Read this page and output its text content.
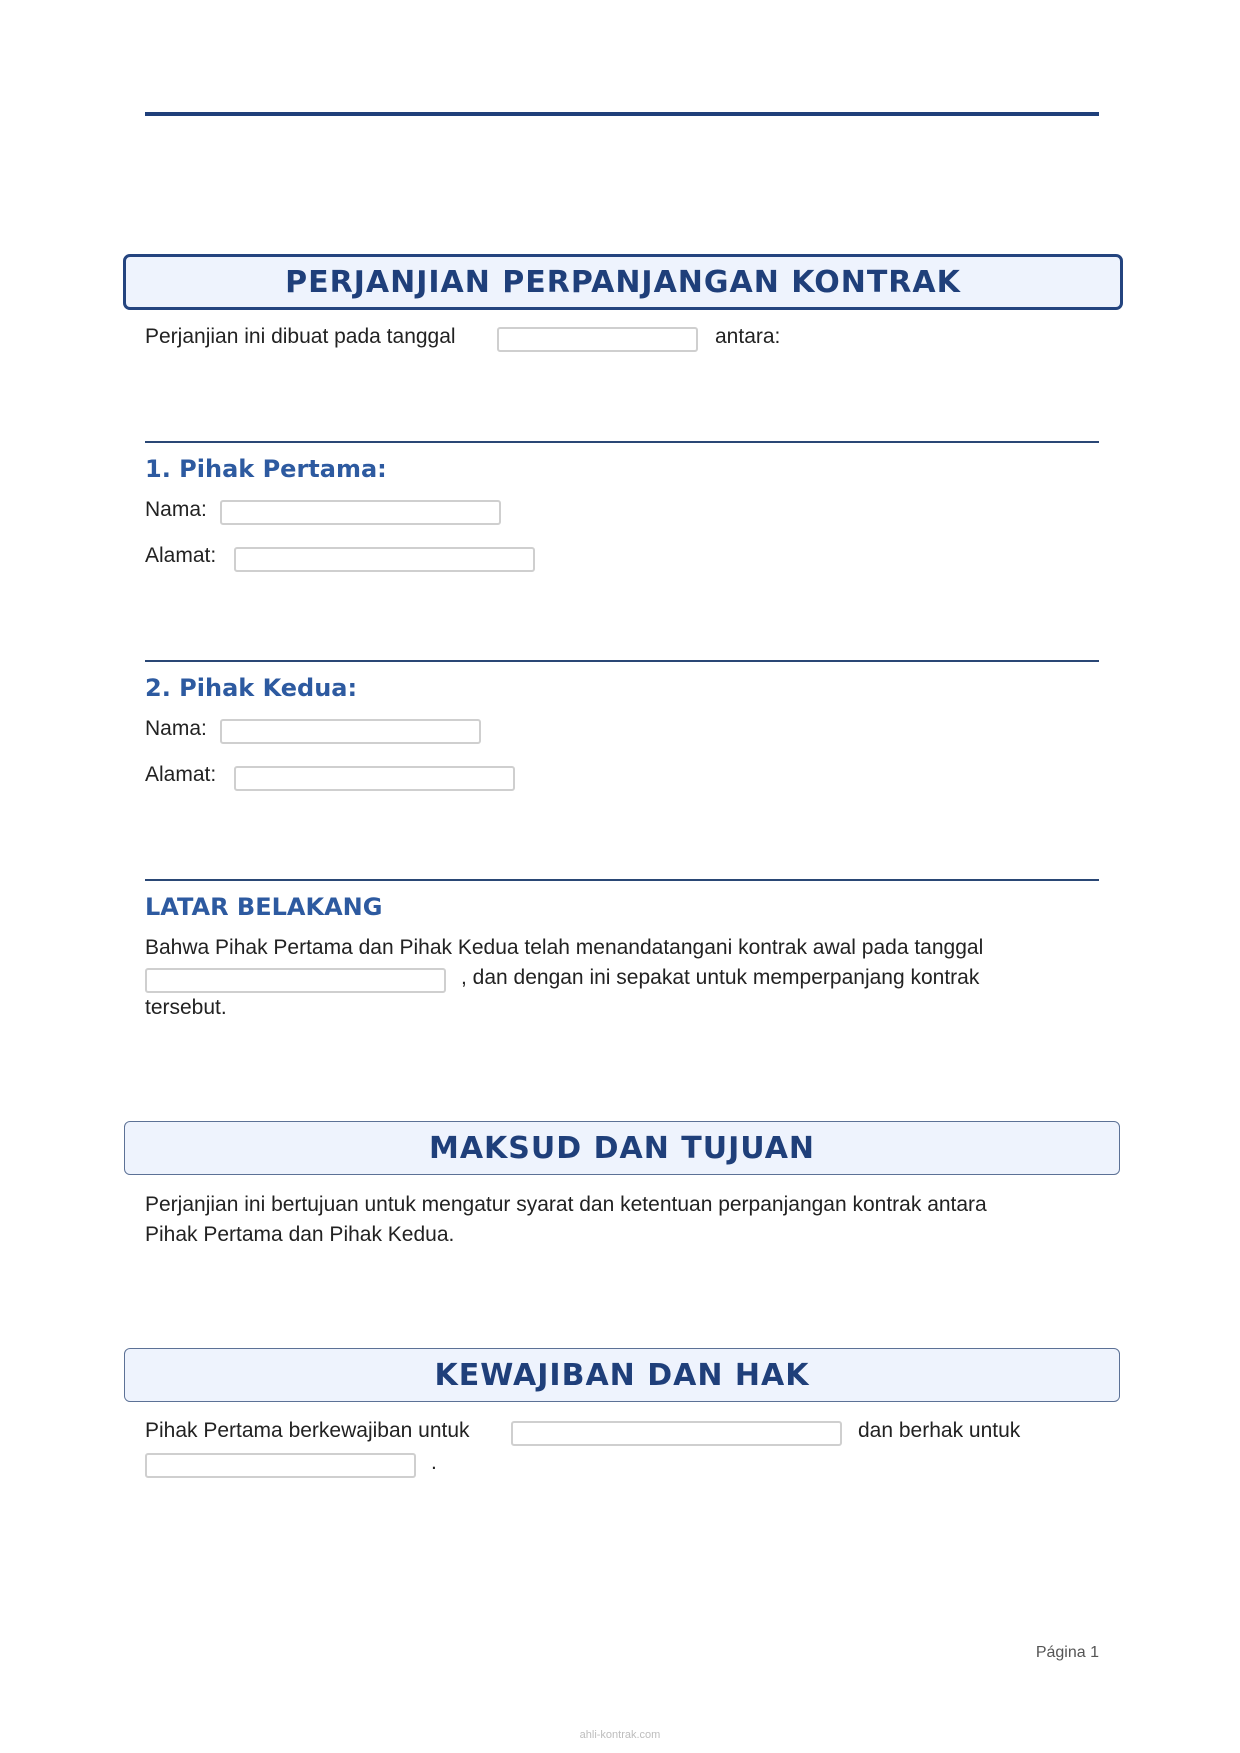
PERJANJIAN PERPANJANGAN KONTRAK
Perjanjian ini dibuat pada tanggal	antara:
1. Pihak Pertama:
Nama:
Alamat:
2. Pihak Kedua:
Nama:
Alamat:
LATAR BELAKANG
Bahwa Pihak Pertama dan Pihak Kedua telah menandatangani kontrak awal pada tanggal
, dan dengan ini sepakat untuk memperpanjang kontrak
tersebut.
MAKSUD DAN TUJUAN
Perjanjian ini bertujuan untuk mengatur syarat dan ketentuan perpanjangan kontrak antara
Pihak Pertama dan Pihak Kedua.
KEWAJIBAN DAN HAK
Pihak Pertama berkewajiban untuk	dan berhak untuk
.
Página 1
ahli-kontrak.com
